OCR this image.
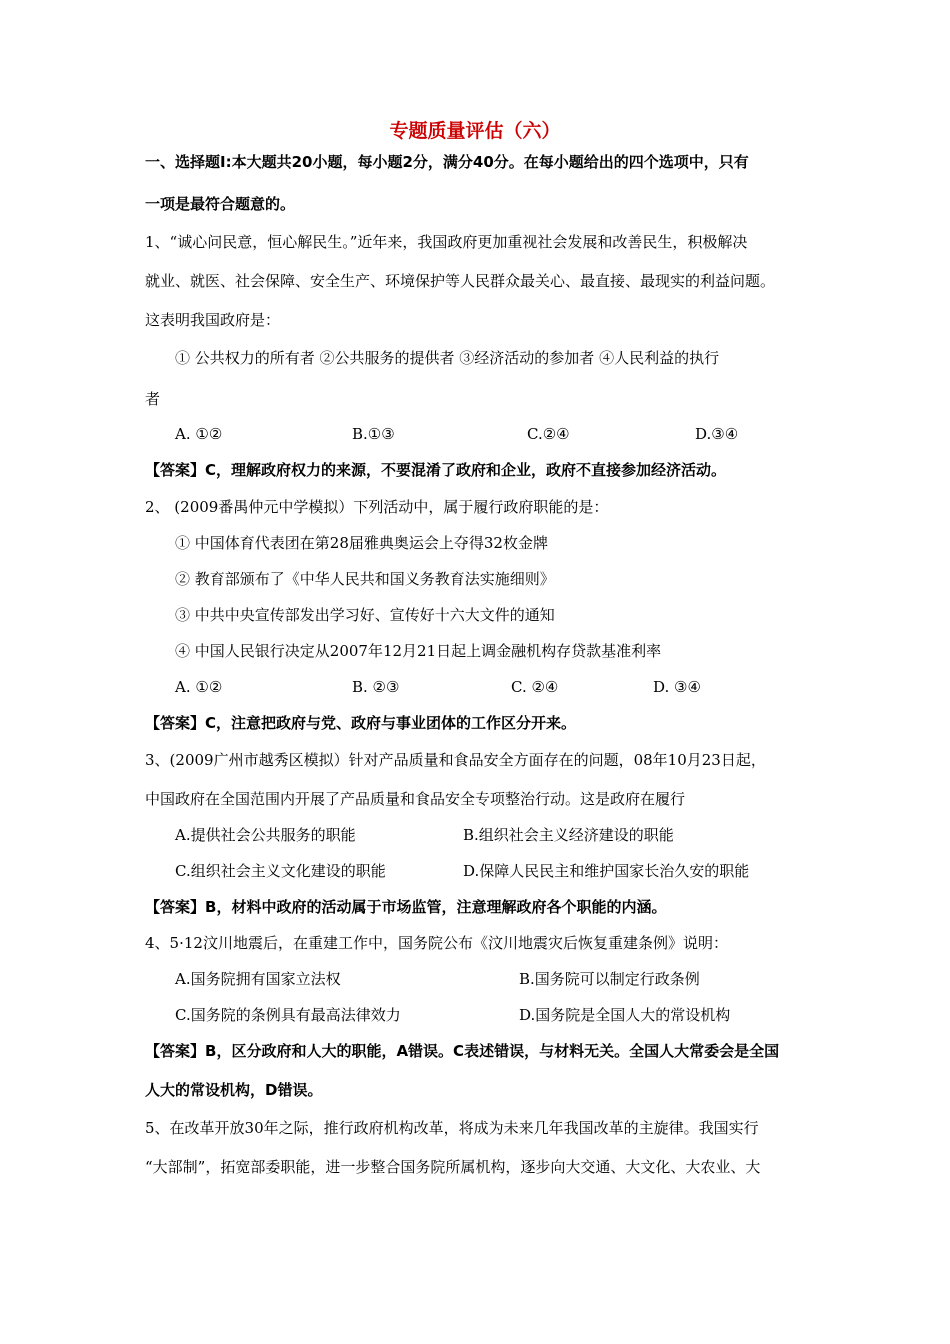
专题质量评估（六）
一、选择题Ⅰ:本大题共20小题，每小题2分，满分40分。在每小题给出的四个选项中，只有
一项是最符合题意的。
1、“诚心问民意，恒心解民生。”近年来，我国政府更加重视社会发展和改善民生，积极解决
就业、就医、社会保障、安全生产、环境保护等人民群众最关心、最直接、最现实的利益问题。
这表明我国政府是：
① 公共权力的所有者 ②公共服务的提供者 ③经济活动的参加者 ④人民利益的执行
者
A. ①②	B.①③	C.②④	D.③④
【答案】C，理解政府权力的来源，不要混淆了政府和企业，政府不直接参加经济活动。
2、 (2009番禺仲元中学模拟）下列活动中，属于履行政府职能的是：
① 中国体育代表团在第28届雅典奥运会上夺得32枚金牌
② 教育部颁布了《中华人民共和国义务教育法实施细则》
③ 中共中央宣传部发出学习好、宣传好十六大文件的通知
④ 中国人民银行决定从2007年12月21日起上调金融机构存贷款基准利率
A. ①②	B. ②③	C. ②④	D. ③④
【答案】C，注意把政府与党、政府与事业团体的工作区分开来。
3、(2009广州市越秀区模拟）针对产品质量和食品安全方面存在的问题，08年10月23日起，
中国政府在全国范围内开展了产品质量和食品安全专项整治行动。这是政府在履行
A.提供社会公共服务的职能	B.组织社会主义经济建设的职能
C.组织社会主义文化建设的职能	D.保障人民民主和维护国家长治久安的职能
【答案】B，材料中政府的活动属于市场监管，注意理解政府各个职能的内涵。
4、5·12汶川地震后，在重建工作中，国务院公布《汶川地震灾后恢复重建条例》说明：
A.国务院拥有国家立法权	B.国务院可以制定行政条例
C.国务院的条例具有最高法律效力	D.国务院是全国人大的常设机构
【答案】B，区分政府和人大的职能，A错误。C表述错误，与材料无关。全国人大常委会是全国
人大的常设机构，D错误。
5、在改革开放30年之际，推行政府机构改革，将成为未来几年我国改革的主旋律。我国实行
“大部制”，拓宽部委职能，进一步整合国务院所属机构，逐步向大交通、大文化、大农业、大
